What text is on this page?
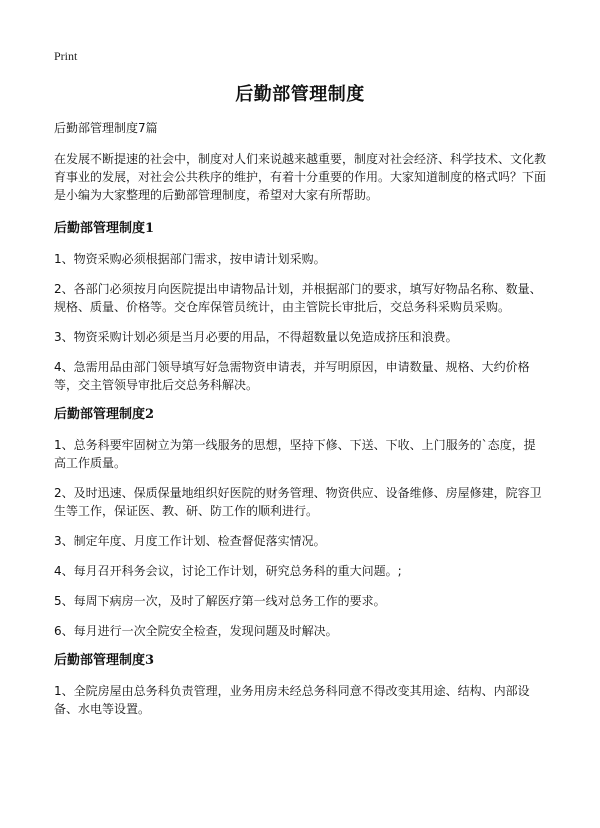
Print
后勤部管理制度
后勤部管理制度7篇

在发展不断提速的社会中，制度对人们来说越来越重要，制度对社会经济、科学技术、文化教育事业的发展，对社会公共秩序的维护，有着十分重要的作用。大家知道制度的格式吗？下面是小编为大家整理的后勤部管理制度，希望对大家有所帮助。

后勤部管理制度1

1、物资采购必须根据部门需求，按申请计划采购。

2、各部门必须按月向医院提出申请物品计划，并根据部门的要求，填写好物品名称、数量、规格、质量、价格等。交仓库保管员统计，由主管院长审批后，交总务科采购员采购。

3、物资采购计划必须是当月必要的用品，不得超数量以免造成挤压和浪费。

4、急需用品由部门领导填写好急需物资申请表，并写明原因，申请数量、规格、大约价格等，交主管领导审批后交总务科解决。

后勤部管理制度2

1、总务科要牢固树立为第一线服务的思想，坚持下修、下送、下收、上门服务的`态度，提高工作质量。

2、及时迅速、保质保量地组织好医院的财务管理、物资供应、设备维修、房屋修建，院容卫生等工作，保证医、教、研、防工作的顺利进行。

3、制定年度、月度工作计划、检查督促落实情况。

4、每月召开科务会议，讨论工作计划，研究总务科的重大问题。;

5、每周下病房一次，及时了解医疗第一线对总务工作的要求。

6、每月进行一次全院安全检查，发现问题及时解决。

后勤部管理制度3

1、全院房屋由总务科负责管理，业务用房未经总务科同意不得改变其用途、结构、内部设备、水电等设置。
